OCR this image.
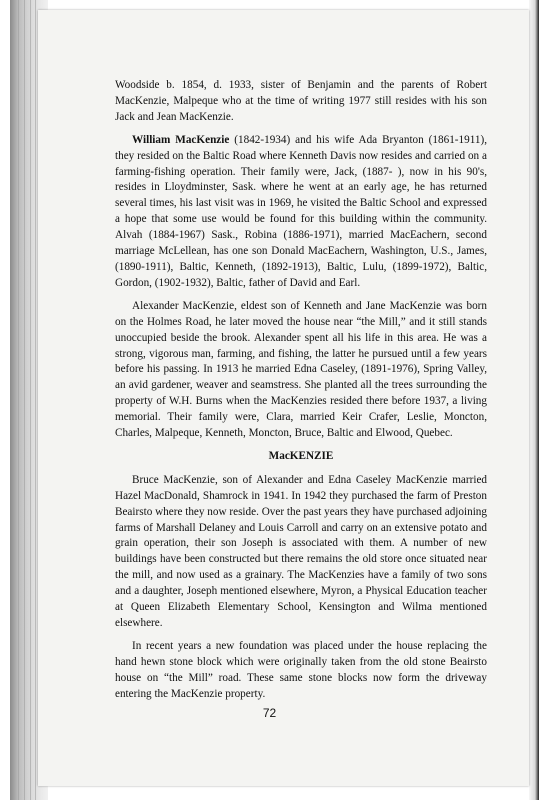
Woodside b. 1854, d. 1933, sister of Benjamin and the parents of Robert MacKenzie, Malpeque who at the time of writing 1977 still resides with his son Jack and Jean MacKenzie.

William MacKenzie (1842-1934) and his wife Ada Bryanton (1861-1911), they resided on the Baltic Road where Kenneth Davis now resides and carried on a farming-fishing operation. Their family were, Jack, (1887- ), now in his 90's, resides in Lloydminster, Sask. where he went at an early age, he has returned several times, his last visit was in 1969, he visited the Baltic School and expressed a hope that some use would be found for this building within the community. Alvah (1884-1967) Sask., Robina (1886-1971), married MacEachern, second marriage McLellean, has one son Donald MacEachern, Washington, U.S., James, (1890-1911), Baltic, Kenneth, (1892-1913), Baltic, Lulu, (1899-1972), Baltic, Gordon, (1902-1932), Baltic, father of David and Earl.

Alexander MacKenzie, eldest son of Kenneth and Jane MacKenzie was born on the Holmes Road, he later moved the house near “the Mill,” and it still stands unoccupied beside the brook. Alexander spent all his life in this area. He was a strong, vigorous man, farming, and fishing, the latter he pursued until a few years before his passing. In 1913 he married Edna Caseley, (1891-1976), Spring Valley, an avid gardener, weaver and seamstress. She planted all the trees surrounding the property of W.H. Burns when the MacKenzies resided there before 1937, a living memorial. Their family were, Clara, married Keir Crafer, Leslie, Moncton, Charles, Malpeque, Kenneth, Moncton, Bruce, Baltic and Elwood, Quebec.

MacKENZIE

Bruce MacKenzie, son of Alexander and Edna Caseley MacKenzie married Hazel MacDonald, Shamrock in 1941. In 1942 they purchased the farm of Preston Beairsto where they now reside. Over the past years they have purchased adjoining farms of Marshall Delaney and Louis Carroll and carry on an extensive potato and grain operation, their son Joseph is associated with them. A number of new buildings have been constructed but there remains the old store once situated near the mill, and now used as a grainary. The MacKenzies have a family of two sons and a daughter, Joseph mentioned elsewhere, Myron, a Physical Education teacher at Queen Elizabeth Elementary School, Kensington and Wilma mentioned elsewhere.

In recent years a new foundation was placed under the house replacing the hand hewn stone block which were originally taken from the old stone Beairsto house on “the Mill” road. These same stone blocks now form the driveway entering the MacKenzie property.

72
